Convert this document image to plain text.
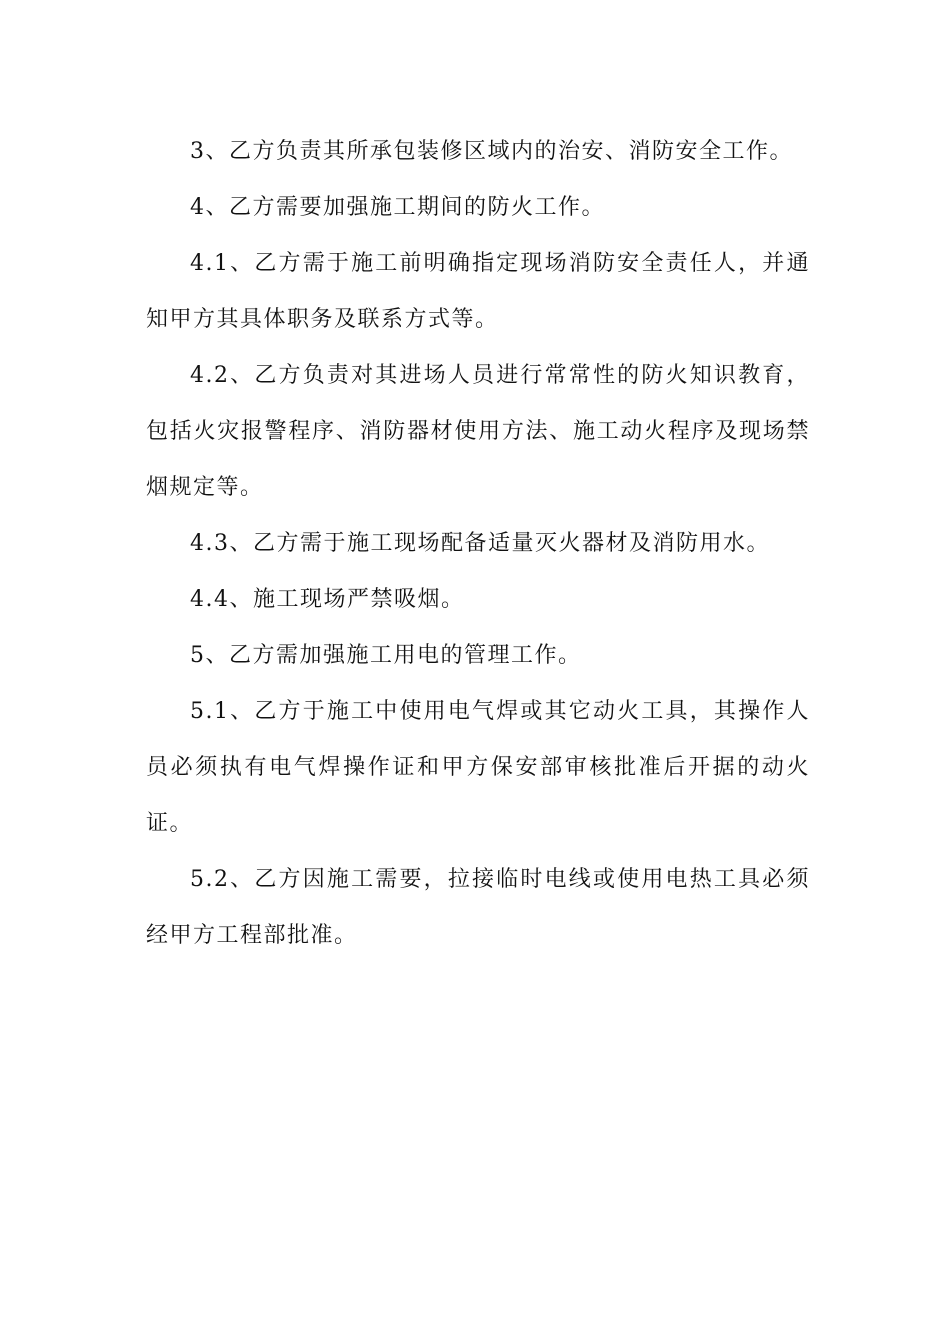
3、乙方负责其所承包装修区域内的治安、消防安全工作。

4、乙方需要加强施工期间的防火工作。

4.1、乙方需于施工前明确指定现场消防安全责任人，并通知甲方其具体职务及联系方式等。

4.2、乙方负责对其进场人员进行常常性的防火知识教育，包括火灾报警程序、消防器材使用方法、施工动火程序及现场禁烟规定等。

4.3、乙方需于施工现场配备适量灭火器材及消防用水。

4.4、施工现场严禁吸烟。

5、乙方需加强施工用电的管理工作。

5.1、乙方于施工中使用电气焊或其它动火工具，其操作人员必须执有电气焊操作证和甲方保安部审核批准后开据的动火证。

5.2、乙方因施工需要，拉接临时电线或使用电热工具必须经甲方工程部批准。
